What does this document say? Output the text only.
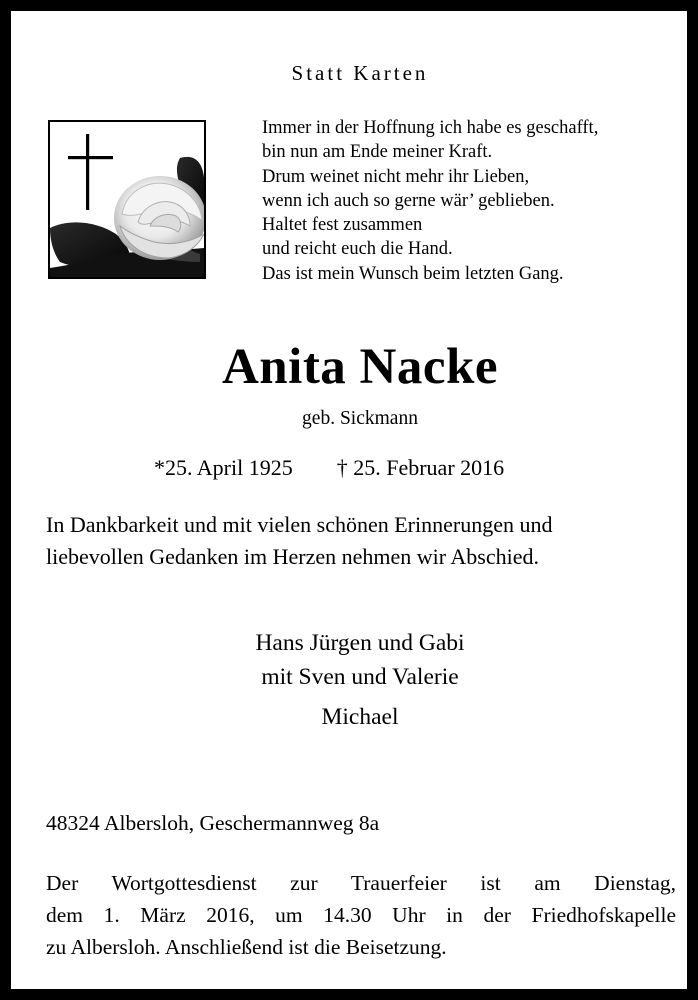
Statt Karten
Immer in der Hoffnung ich habe es geschafft,
bin nun am Ende meiner Kraft.
Drum weinet nicht mehr ihr Lieben,
wenn ich auch so gerne wär’ geblieben.
Haltet fest zusammen
und reicht euch die Hand.
Das ist mein Wunsch beim letzten Gang.
Anita Nacke
geb. Sickmann
*25. April 1925 † 25. Februar 2016
In Dankbarkeit und mit vielen schönen Erinnerungen und
liebevollen Gedanken im Herzen nehmen wir Abschied.
Hans Jürgen und Gabi
mit Sven und Valerie
Michael
48324 Albersloh, Geschermannweg 8a
Der Wortgottesdienst zur Trauerfeier ist am Dienstag,
dem 1. März 2016, um 14.30 Uhr in der Friedhofskapelle
zu Albersloh. Anschließend ist die Beisetzung.
